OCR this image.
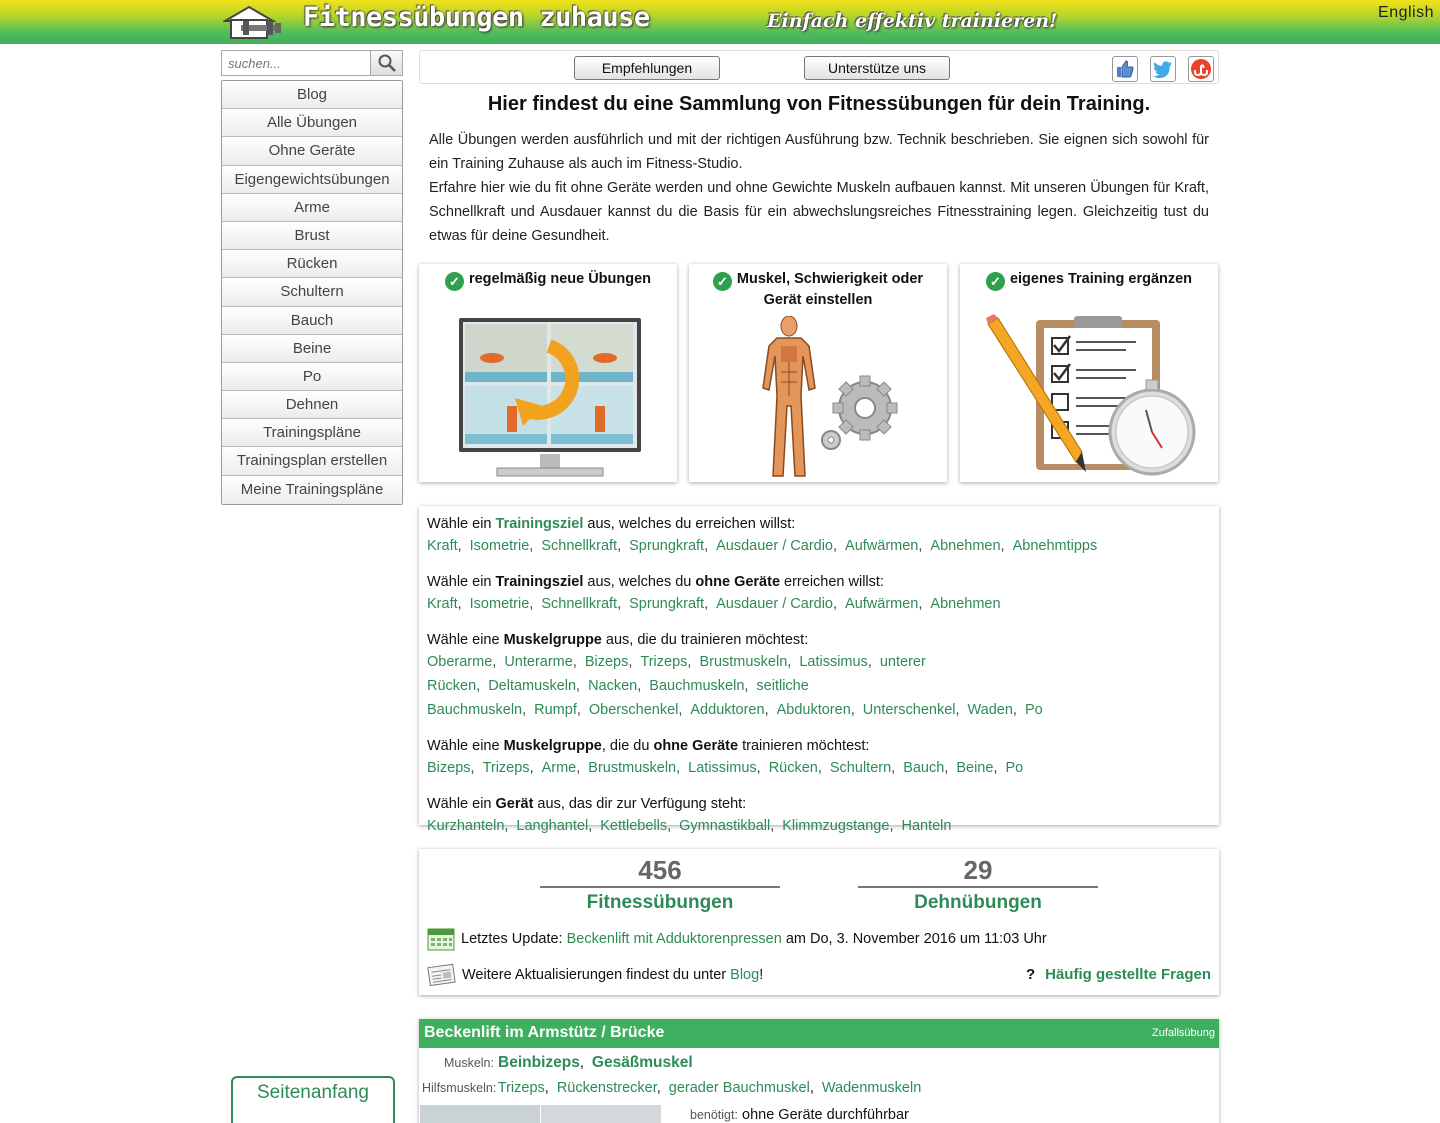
Fitnessübungen zuhause	Einfach effektiv trainieren!	English
suchen...
Blog
Alle Übungen
Ohne Geräte
Eigengewichtsübungen
Arme
Brust
Rücken
Schultern
Bauch
Beine
Po
Dehnen
Trainingspläne
Trainingsplan erstellen
Meine Trainingspläne
Seitenanfang
Empfehlungen	Unterstütze uns
Hier findest du eine Sammlung von Fitnessübungen für dein Training.

Alle Übungen werden ausführlich und mit der richtigen Ausführung bzw. Technik beschrieben. Sie eignen sich sowohl für ein Training Zuhause als auch im Fitness-Studio.

Erfahre hier wie du fit ohne Geräte werden und ohne Gewichte Muskeln aufbauen kannst. Mit unseren Übungen für Kraft, Schnellkraft und Ausdauer kannst du die Basis für ein abwechslungsreiches Fitnesstraining legen. Gleichzeitig tust du etwas für deine Gesundheit.

✓ regelmäßig neue Übungen	✓ Muskel, Schwierigkeit oder Gerät einstellen
✓ eigenes Training ergänzen
Wähle ein Trainingsziel aus, welches du erreichen willst:
Kraft, Isometrie, Schnellkraft, Sprungkraft, Ausdauer / Cardio, Aufwärmen, Abnehmen, Abnehmtipps
Wähle ein Trainingsziel aus, welches du ohne Geräte erreichen willst:
Kraft, Isometrie, Schnellkraft, Sprungkraft, Ausdauer / Cardio, Aufwärmen, Abnehmen
Wähle eine Muskelgruppe aus, die du trainieren möchtest:
Oberarme, Unterarme, Bizeps, Trizeps, Brustmuskeln, Latissimus, unterer Rücken, Deltamuskeln, Nacken, Bauchmuskeln, seitliche Bauchmuskeln, Rumpf, Oberschenkel, Adduktoren, Abduktoren, Unterschenkel, Waden, Po
Wähle eine Muskelgruppe, die du ohne Geräte trainieren möchtest:
Bizeps, Trizeps, Arme, Brustmuskeln, Latissimus, Rücken, Schultern, Bauch, Beine, Po
Wähle ein Gerät aus, das dir zur Verfügung steht:
Kurzhanteln, Langhantel, Kettlebells, Gymnastikball, Klimmzugstange, Hanteln
456
Fitnessübungen
29
Dehnübungen
Letztes Update: Beckenlift mit Adduktorenpressen am Do, 3. November 2016 um 11:03 Uhr
Weitere Aktualisierungen findest du unter Blog !	? Häufig gestellte Fragen
Beckenlift im Armstütz / Brücke	Zufallsübung
Muskeln: Beinbizeps, Gesäßmuskel
Hilfsmuskeln: Trizeps, Rückenstrecker, gerader Bauchmuskel, Wadenmuskeln
benötigt: ohne Geräte durchführbar
